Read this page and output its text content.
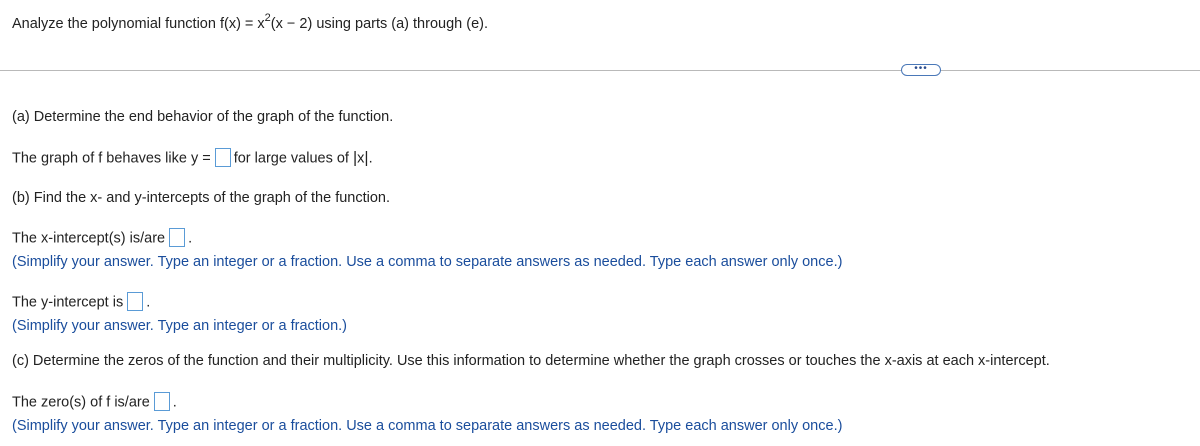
Analyze the polynomial function $f(x) = x^2(x - 2)$ using parts (a) through (e).
•••
(a) Determine the end behavior of the graph of the function.
The graph of f behaves like y = for large values of |x|.
(b) Find the x- and y-intercepts of the graph of the function.
The x-intercept(s) is/are .
(Simplify your answer. Type an integer or a fraction. Use a comma to separate answers as needed. Type each answer only once.)
The y-intercept is .
(Simplify your answer. Type an integer or a fraction.)
(c) Determine the zeros of the function and their multiplicity. Use this information to determine whether the graph crosses or touches the x-axis at each x-intercept.
The zero(s) of f is/are .
(Simplify your answer. Type an integer or a fraction. Use a comma to separate answers as needed. Type each answer only once.)
